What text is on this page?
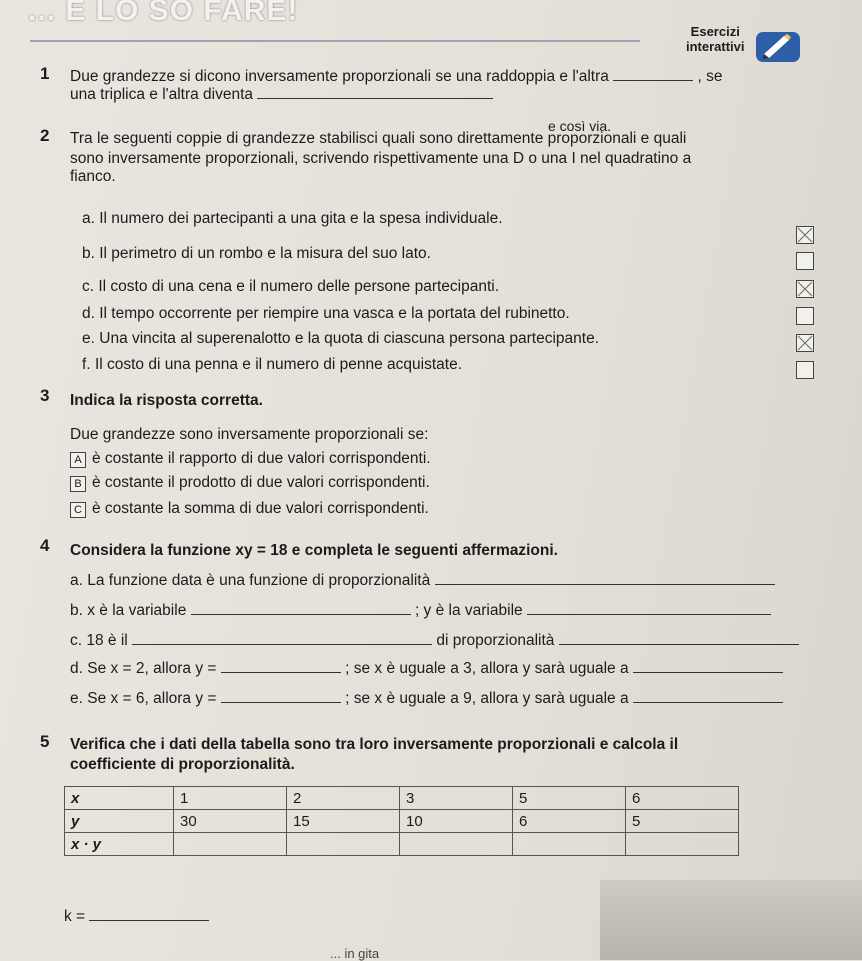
... E LO SO FARE!
Esercizi
interattivi
1 Due grandezze si dicono inversamente proporzionali se una raddoppia e l'altra	, se
una triplica e l'altra diventa
e così via.
2 Tra le seguenti coppie di grandezze stabilisci quali sono direttamente proporzionali e quali
sono inversamente proporzionali, scrivendo rispettivamente una D o una I nel quadratino a
fianco.
a. Il numero dei partecipanti a una gita e la spesa individuale.
b. Il perimetro di un rombo e la misura del suo lato.
c. Il costo di una cena e il numero delle persone partecipanti.
d. Il tempo occorrente per riempire una vasca e la portata del rubinetto.
e. Una vincita al superenalotto e la quota di ciascuna persona partecipante.
f. Il costo di una penna e il numero di penne acquistate.
3 Indica la risposta corretta.
Due grandezze sono inversamente proporzionali se:
A è costante il rapporto di due valori corrispondenti.
B è costante il prodotto di due valori corrispondenti.
C è costante la somma di due valori corrispondenti.
4 Considera la funzione xy = 18 e completa le seguenti affermazioni.
a. La funzione data è una funzione di proporzionalità
b. x è la variabile	; y è la variabile
c. 18 è il	di proporzionalità
d. Se x = 2, allora y =	; se x è uguale a 3, allora y sarà uguale a
e. Se x = 6, allora y =	; se x è uguale a 9, allora y sarà uguale a
5 Verifica che i dati della tabella sono tra loro inversamente proporzionali e calcola il
coefficiente di proporzionalità.
x	1	2	3	5	6
y	30	15	10	6	5
x · y					
k =
... in gita
